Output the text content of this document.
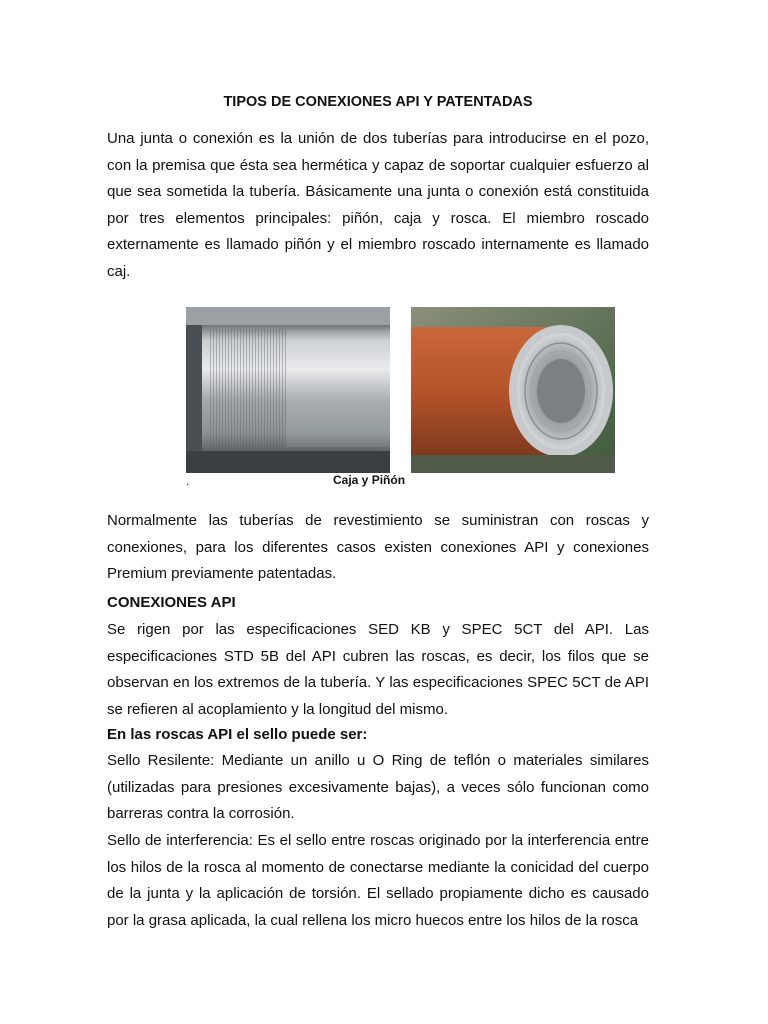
TIPOS DE CONEXIONES API Y PATENTADAS

Una junta o conexión es la unión de dos tuberías para introducirse en el pozo, con la premisa que ésta sea hermética y capaz de soportar cualquier esfuerzo al que sea sometida la tubería. Básicamente una junta o conexión está constituida por tres elementos principales: piñón, caja y rosca. El miembro roscado externamente es llamado piñón y el miembro roscado internamente es llamado caj.

.	Caja y Piñón

Normalmente las tuberías de revestimiento se suministran con roscas y conexiones, para los diferentes casos existen conexiones API y conexiones Premium previamente patentadas.

CONEXIONES API

Se rigen por las especificaciones SED KB y SPEC 5CT del API. Las especificaciones STD 5B del API cubren las roscas, es decir, los filos que se observan en los extremos de la tubería. Y las especificaciones SPEC 5CT de API se refieren al acoplamiento y la longitud del mismo.

En las roscas API el sello puede ser:

Sello Resilente: Mediante un anillo u O Ring de teflón o materiales similares (utilizadas para presiones excesivamente bajas), a veces sólo funcionan como barreras contra la corrosión.

Sello de interferencia: Es el sello entre roscas originado por la interferencia entre los hilos de la rosca al momento de conectarse mediante la conicidad del cuerpo de la junta y la aplicación de torsión. El sellado propiamente dicho es causado por la grasa aplicada, la cual rellena los micro huecos entre los hilos de la rosca
